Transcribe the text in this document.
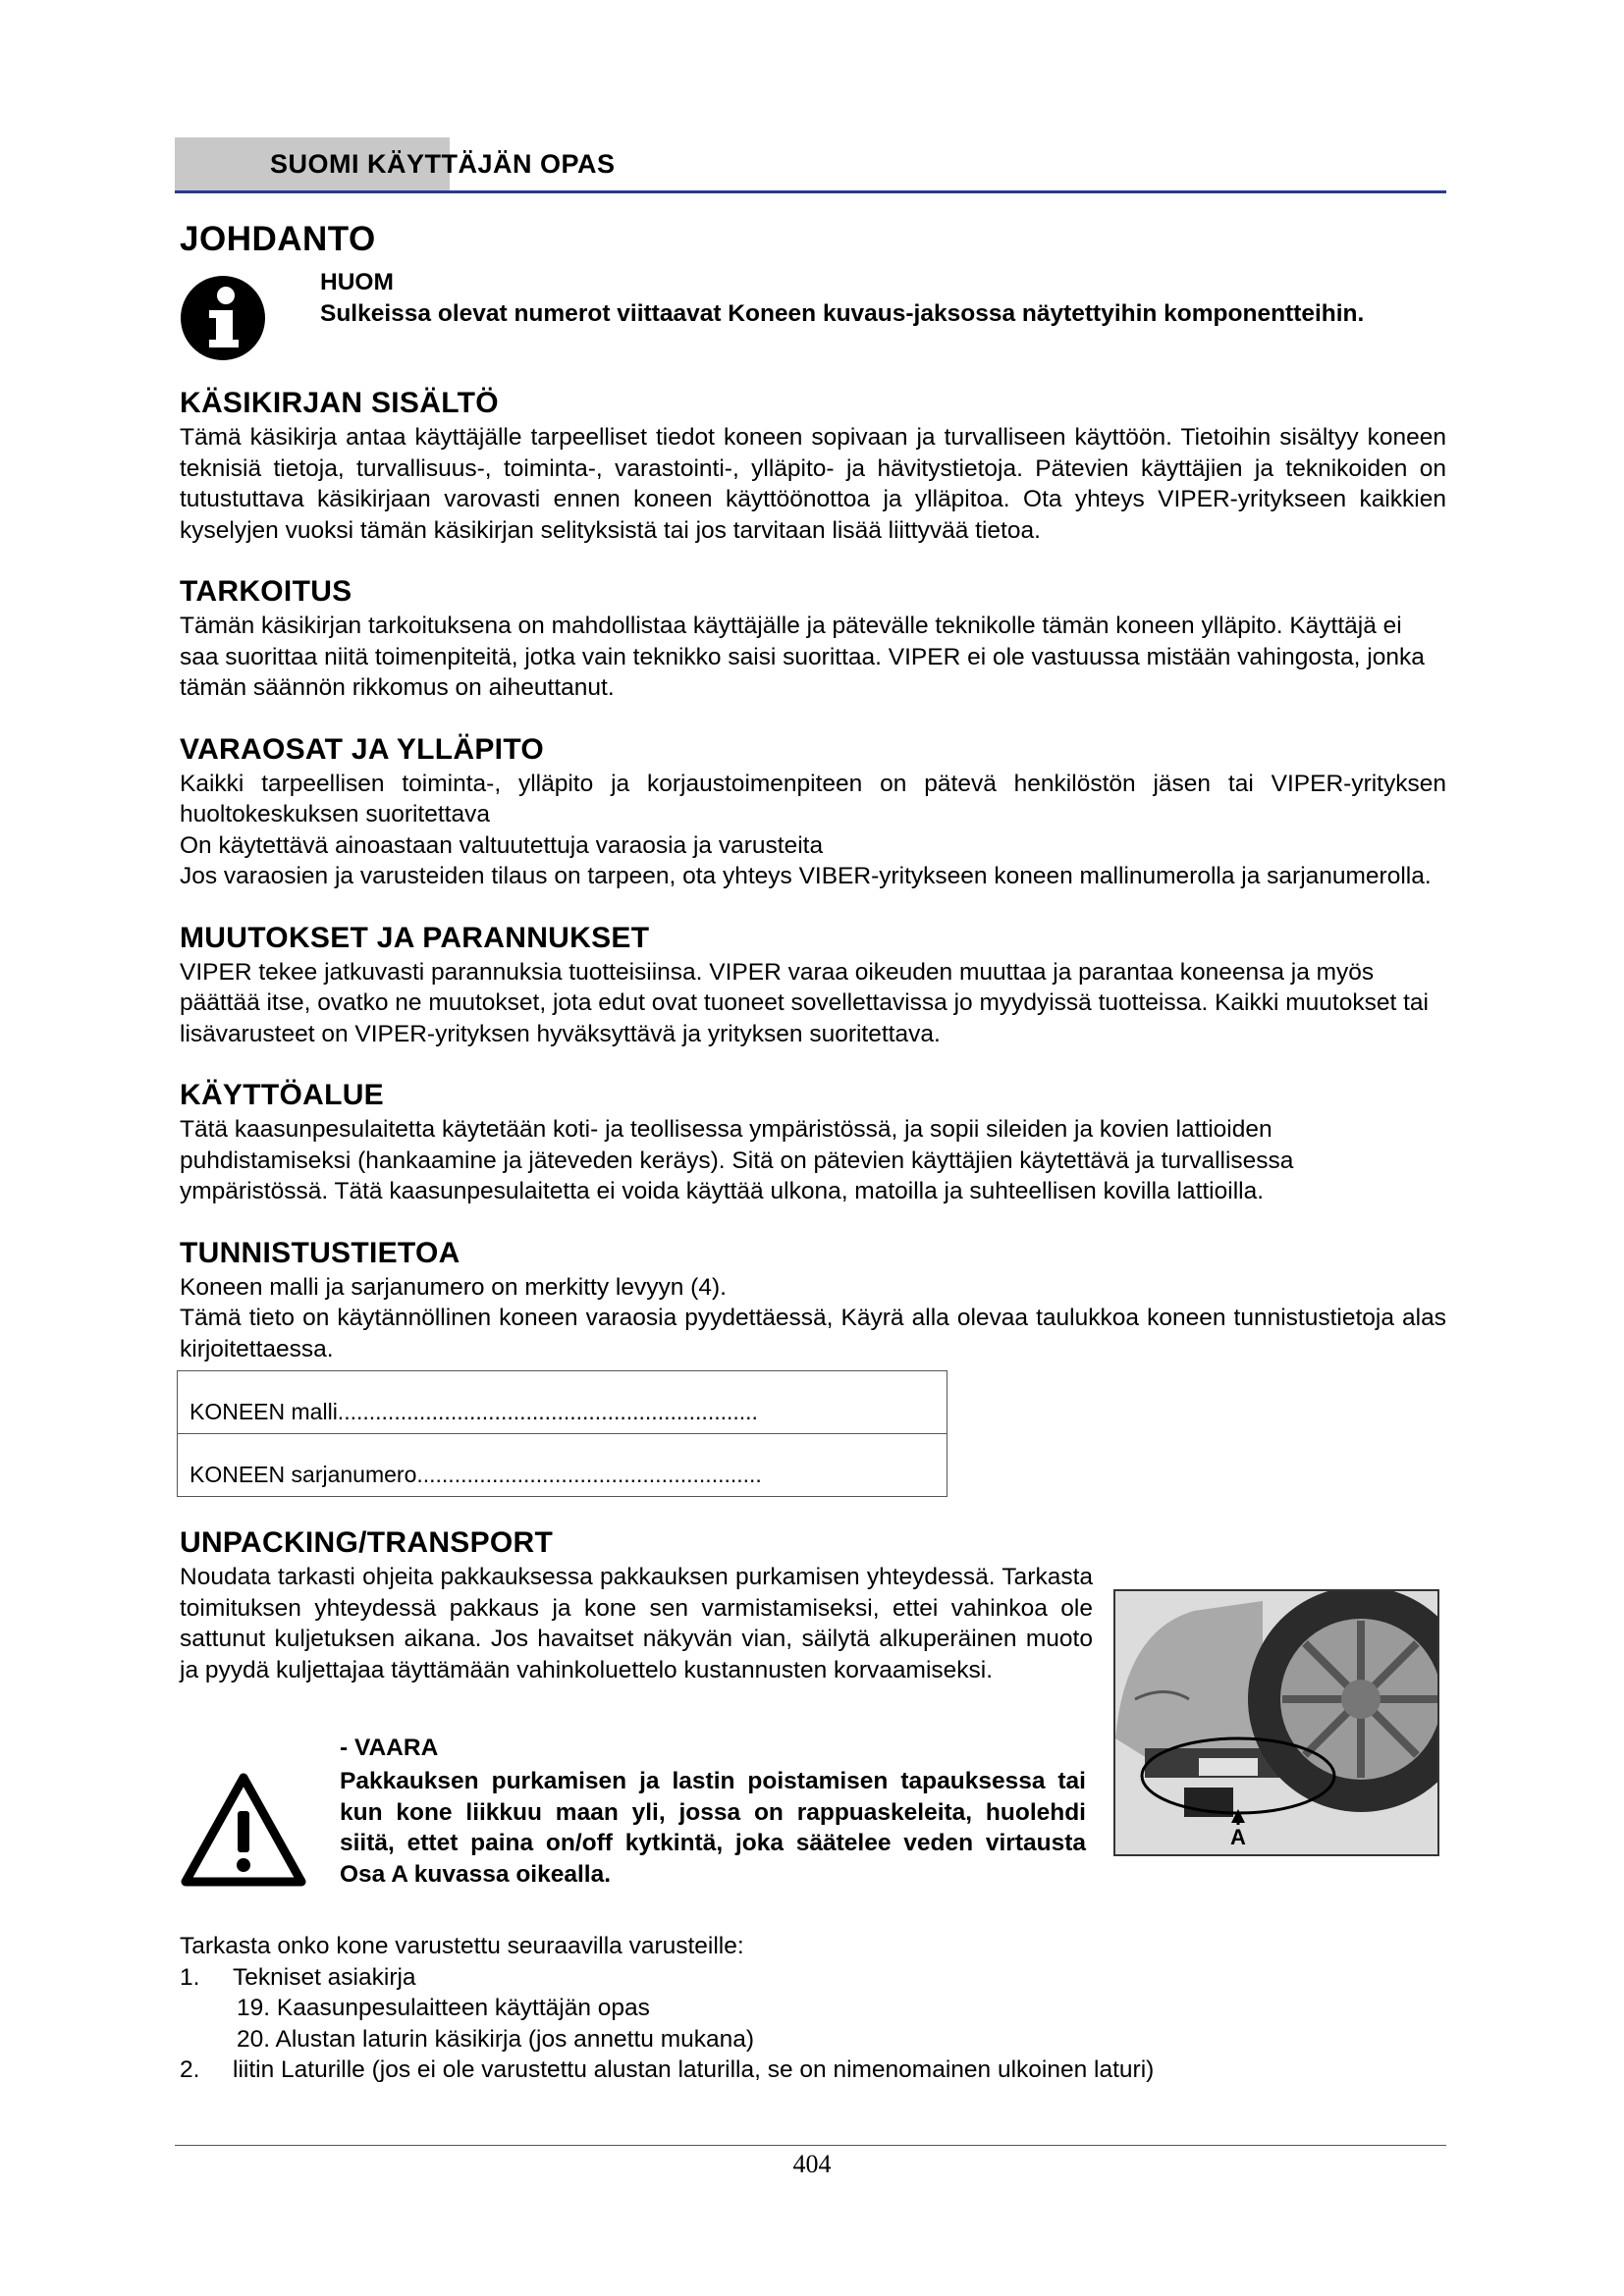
SUOMI KÄYTTÄJÄN OPAS
JOHDANTO
HUOM
Sulkeissa olevat numerot viittaavat Koneen kuvaus-jaksossa näytettyihin komponentteihin.
KÄSIKIRJAN SISÄLTÖ

Tämä käsikirja antaa käyttäjälle tarpeelliset tiedot koneen sopivaan ja turvalliseen käyttöön. Tietoihin sisältyy koneen teknisiä tietoja, turvallisuus-, toiminta-, varastointi-, ylläpito- ja hävitystietoja. Pätevien käyttäjien ja teknikoiden on tutustuttava käsikirjaan varovasti ennen koneen käyttöönottoa ja ylläpitoa. Ota yhteys VIPER-yritykseen kaikkien kyselyjen vuoksi tämän käsikirjan selityksistä tai jos tarvitaan lisää liittyvää tietoa.

TARKOITUS

Tämän käsikirjan tarkoituksena on mahdollistaa käyttäjälle ja pätevälle teknikolle tämän koneen ylläpito. Käyttäjä ei saa suorittaa niitä toimenpiteitä, jotka vain teknikko saisi suorittaa. VIPER ei ole vastuussa mistään vahingosta, jonka tämän säännön rikkomus on aiheuttanut.

VARAOSAT JA YLLÄPITO

Kaikki tarpeellisen toiminta-, ylläpito ja korjaustoimenpiteen on pätevä henkilöstön jäsen tai VIPER-yrityksen huoltokeskuksen suoritettava

On käytettävä ainoastaan valtuutettuja varaosia ja varusteita

Jos varaosien ja varusteiden tilaus on tarpeen, ota yhteys VIBER-yritykseen koneen mallinumerolla ja sarjanumerolla.

MUUTOKSET JA PARANNUKSET

VIPER tekee jatkuvasti parannuksia tuotteisiinsa. VIPER varaa oikeuden muuttaa ja parantaa koneensa ja myös päättää itse, ovatko ne muutokset, jota edut ovat tuoneet sovellettavissa jo myydyissä tuotteissa. Kaikki muutokset tai lisävarusteet on VIPER-yrityksen hyväksyttävä ja yrityksen suoritettava.

KÄYTTÖALUE

Tätä kaasunpesulaitetta käytetään koti- ja teollisessa ympäristössä, ja sopii sileiden ja kovien lattioiden puhdistamiseksi (hankaamine ja jäteveden keräys). Sitä on pätevien käyttäjien käytettävä ja turvallisessa ympäristössä. Tätä kaasunpesulaitetta ei voida käyttää ulkona, matoilla ja suhteellisen kovilla lattioilla.

TUNNISTUSTIETOA

Koneen malli ja sarjanumero on merkitty levyyn (4).

Tämä tieto on käytännöllinen koneen varaosia pyydettäessä, Käyrä alla olevaa taulukkoa koneen tunnistustietoja alas kirjoitettaessa.

KONEEN malli...................................................................
KONEEN sarjanumero.......................................................
UNPACKING/TRANSPORT

Noudata tarkasti ohjeita pakkauksessa pakkauksen purkamisen yhteydessä. Tarkasta toimituksen yhteydessä pakkaus ja kone sen varmistamiseksi, ettei vahinkoa ole sattunut kuljetuksen aikana. Jos havaitset näkyvän vian, säilytä alkuperäinen muoto ja pyydä kuljettajaa täyttämään vahinkoluettelo kustannusten korvaamiseksi.

A
- VAARA
Pakkauksen purkamisen ja lastin poistamisen tapauksessa tai kun kone liikkuu maan yli, jossa on rappuaskeleita, huolehdi siitä, ettet paina on/off kytkintä, joka säätelee veden virtausta Osa A kuvassa oikealla.

Tarkasta onko kone varustettu seuraavilla varusteille:

1.	Tekniset asiakirja
19. Kaasunpesulaitteen käyttäjän opas
20. Alustan laturin käsikirja (jos annettu mukana)
2.	liitin Laturille (jos ei ole varustettu alustan laturilla, se on nimenomainen ulkoinen laturi)
404
